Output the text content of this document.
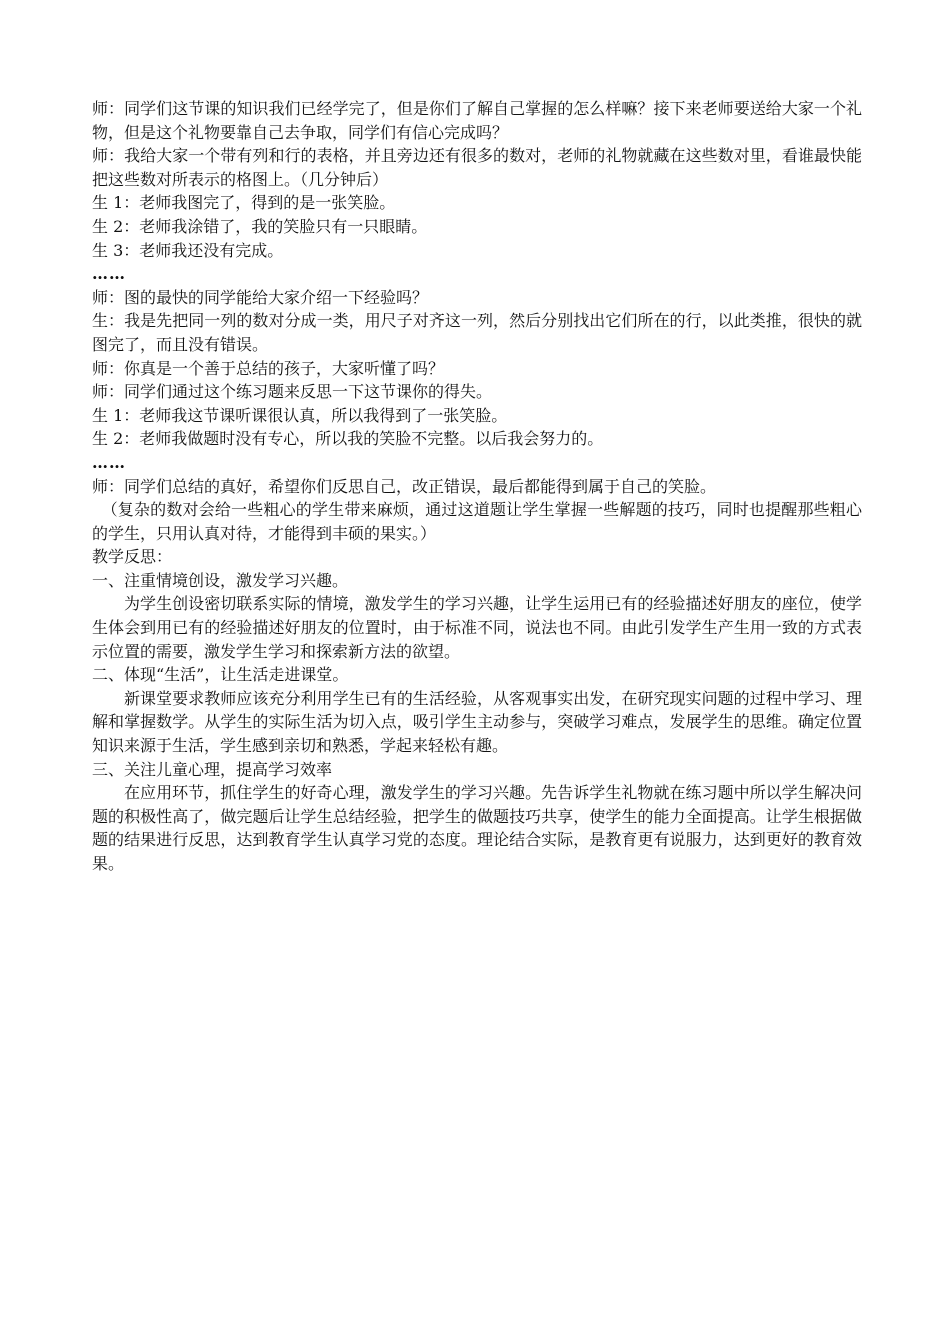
师：同学们这节课的知识我们已经学完了，但是你们了解自己掌握的怎么样嘛？接下来老师要送给大家一个礼物，但是这个礼物要靠自己去争取，同学们有信心完成吗？

师：我给大家一个带有列和行的表格，并且旁边还有很多的数对，老师的礼物就藏在这些数对里，看谁最快能把这些数对所表示的格图上。（几分钟后）

生 1：老师我图完了，得到的是一张笑脸。

生 2：老师我涂错了，我的笑脸只有一只眼睛。

生 3：老师我还没有完成。

……

师：图的最快的同学能给大家介绍一下经验吗？

生：我是先把同一列的数对分成一类，用尺子对齐这一列，然后分别找出它们所在的行，以此类推，很快的就图完了，而且没有错误。

师：你真是一个善于总结的孩子，大家听懂了吗？

师：同学们通过这个练习题来反思一下这节课你的得失。

生 1：老师我这节课听课很认真，所以我得到了一张笑脸。

生 2：老师我做题时没有专心，所以我的笑脸不完整。以后我会努力的。

……

师：同学们总结的真好，希望你们反思自己，改正错误，最后都能得到属于自己的笑脸。

（复杂的数对会给一些粗心的学生带来麻烦，通过这道题让学生掌握一些解题的技巧，同时也提醒那些粗心的学生，只用认真对待，才能得到丰硕的果实。）

教学反思：

一、注重情境创设，激发学习兴趣。

为学生创设密切联系实际的情境，激发学生的学习兴趣，让学生运用已有的经验描述好朋友的座位，使学生体会到用已有的经验描述好朋友的位置时，由于标准不同，说法也不同。由此引发学生产生用一致的方式表示位置的需要，激发学生学习和探索新方法的欲望。

二、体现“生活”，让生活走进课堂。

新课堂要求教师应该充分利用学生已有的生活经验，从客观事实出发，在研究现实问题的过程中学习、理解和掌握数学。从学生的实际生活为切入点，吸引学生主动参与，突破学习难点，发展学生的思维。确定位置知识来源于生活，学生感到亲切和熟悉，学起来轻松有趣。

三、关注儿童心理，提高学习效率

在应用环节，抓住学生的好奇心理，激发学生的学习兴趣。先告诉学生礼物就在练习题中所以学生解决问题的积极性高了，做完题后让学生总结经验，把学生的做题技巧共享，使学生的能力全面提高。让学生根据做题的结果进行反思，达到教育学生认真学习党的态度。理论结合实际，是教育更有说服力，达到更好的教育效果。
